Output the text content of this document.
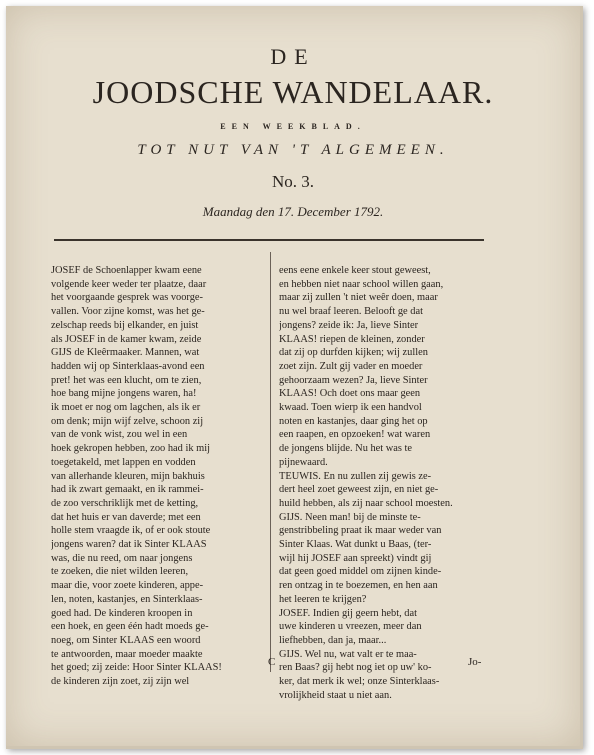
DE
JOODSCHE WANDELAAR.
EEN WEEKBLAD.
TOT NUT VAN 'T ALGEMEEN.
No. 3.
Maandag den 17. December 1792.
JOSEF de Schoenlapper kwam eene
volgende keer weder ter plaatze, daar
het voorgaande gesprek was voorge-
vallen. Voor zijne komst, was het ge-
zelschap reeds bij elkander, en juist
als JOSEF in de kamer kwam, zeide
GIJS de Kleêrmaaker. Mannen, wat
hadden wij op Sinterklaas-avond een
pret! het was een klucht, om te zien,
hoe bang mijne jongens waren, ha!
ik moet er nog om lagchen, als ik er
om denk; mijn wijf zelve, schoon zij
van de vonk wist, zou wel in een
hoek gekropen hebben, zoo had ik mij
toegetakeld, met lappen en vodden
van allerhande kleuren, mijn bakhuis
had ik zwart gemaakt, en ik rammei-
de zoo verschriklijk met de ketting,
dat het huis er van daverde; met een
holle stem vraagde ik, of er ook stoute
jongens waren? dat ik Sinter KLAAS
was, die nu reed, om naar jongens
te zoeken, die niet wilden leeren,
maar die, voor zoete kinderen, appe-
len, noten, kastanjes, en Sinterklaas-
goed had. De kinderen kroopen in
een hoek, en geen één hadt moeds ge-
noeg, om Sinter KLAAS een woord
te antwoorden, maar moeder maakte
het goed; zij zeide: Hoor Sinter KLAAS!
de kinderen zijn zoet, zij zijn wel
eens eene enkele keer stout geweest,
en hebben niet naar school willen gaan,
maar zij zullen 't niet weêr doen, maar
nu wel braaf leeren. Belooft ge dat
jongens? zeide ik: Ja, lieve Sinter
KLAAS! riepen de kleinen, zonder
dat zij op durfden kijken; wij zullen
zoet zijn. Zult gij vader en moeder
gehoorzaam wezen? Ja, lieve Sinter
KLAAS! Och doet ons maar geen
kwaad. Toen wierp ik een handvol
noten en kastanjes, daar ging het op
een raapen, en opzoeken! wat waren
de jongens blijde. Nu het was te
pijnewaard.
TEUWIS. En nu zullen zij gewis ze-
dert heel zoet geweest zijn, en niet ge-
huild hebben, als zij naar school moesten.
GIJS. Neen man! bij de minste te-
genstribbeling praat ik maar weder van
Sinter Klaas. Wat dunkt u Baas, (ter-
wijl hij JOSEF aan spreekt) vindt gij
dat geen goed middel om zijnen kinde-
ren ontzag in te boezemen, en hen aan
het leeren te krijgen?
JOSEF. Indien gij geern hebt, dat
uwe kinderen u vreezen, meer dan
liefhebben, dan ja, maar...
GIJS. Wel nu, wat valt er te maa-
ren Baas? gij hebt nog iet op uw' ko-
ker, dat merk ik wel; onze Sinterklaas-
vrolijkheid staat u niet aan.
C	Jo-
